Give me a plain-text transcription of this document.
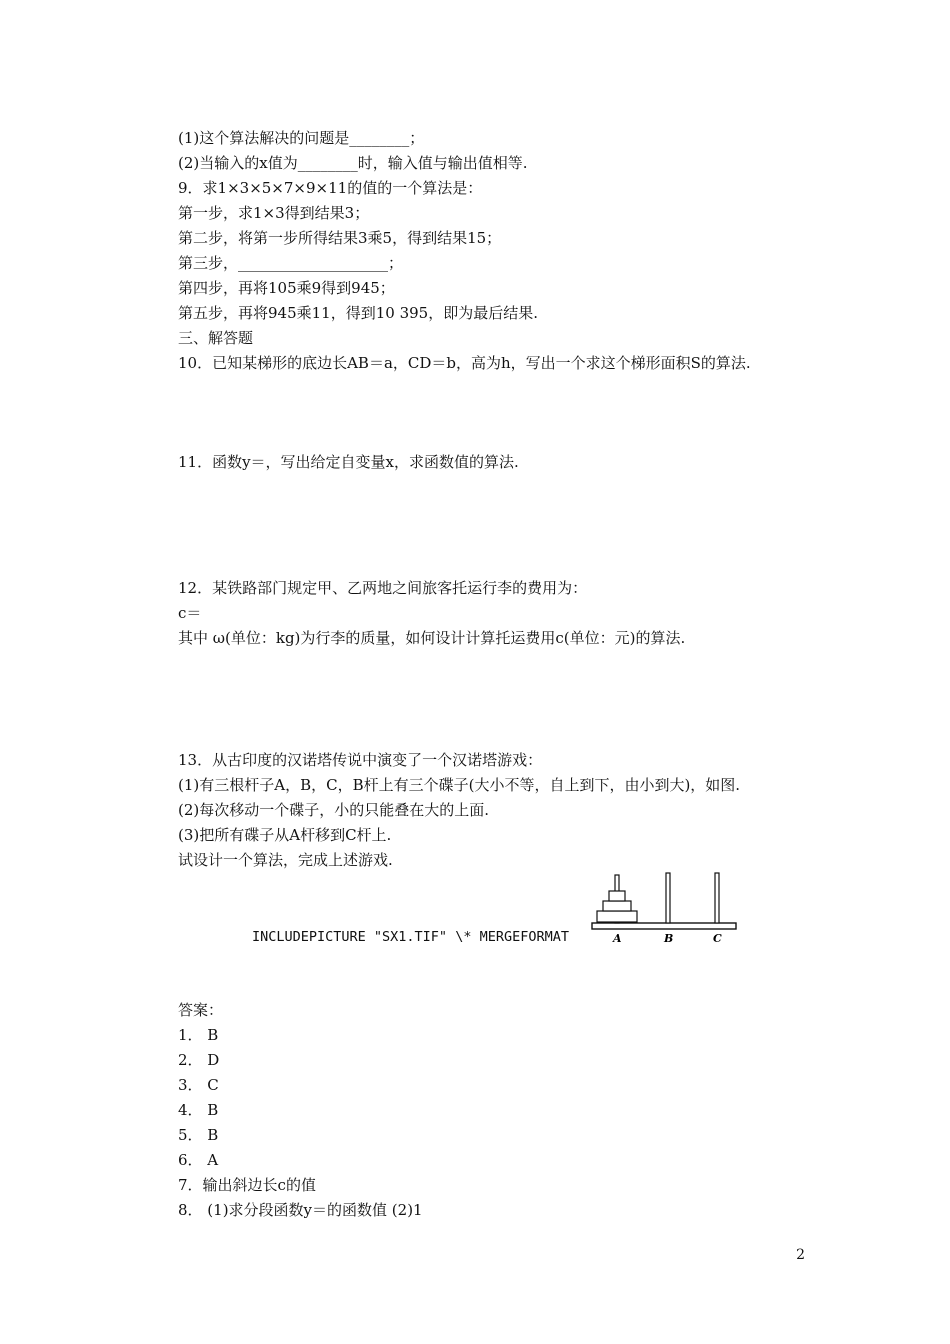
(1)这个算法解决的问题是________；
(2)当输入的x值为________时，输入值与输出值相等.
9．求1×3×5×7×9×11的值的一个算法是：
第一步，求1×3得到结果3；
第二步，将第一步所得结果3乘5，得到结果15；
第三步，____________________；
第四步，再将105乘9得到945；
第五步，再将945乘11，得到10 395，即为最后结果.
三、解答题
10．已知某梯形的底边长AB＝a，CD＝b，高为h，写出一个求这个梯形面积S的算法.
11．函数y＝，写出给定自变量x，求函数值的算法.
12．某铁路部门规定甲、乙两地之间旅客托运行李的费用为：
c＝
其中 ω(单位：kg)为行李的质量，如何设计计算托运费用c(单位：元)的算法.
13．从古印度的汉诺塔传说中演变了一个汉诺塔游戏：
(1)有三根杆子A，B，C，B杆上有三个碟子(大小不等，自上到下，由小到大)，如图.
(2)每次移动一个碟子，小的只能叠在大的上面.
(3)把所有碟子从A杆移到C杆上.
试设计一个算法，完成上述游戏.
INCLUDEPICTURE "SX1.TIF" \* MERGEFORMAT	A	B	C
答案：
1． B
2． D
3． C
4． B
5． B
6． A
7．输出斜边长c的值
8． (1)求分段函数y＝的函数值 (2)1
2
